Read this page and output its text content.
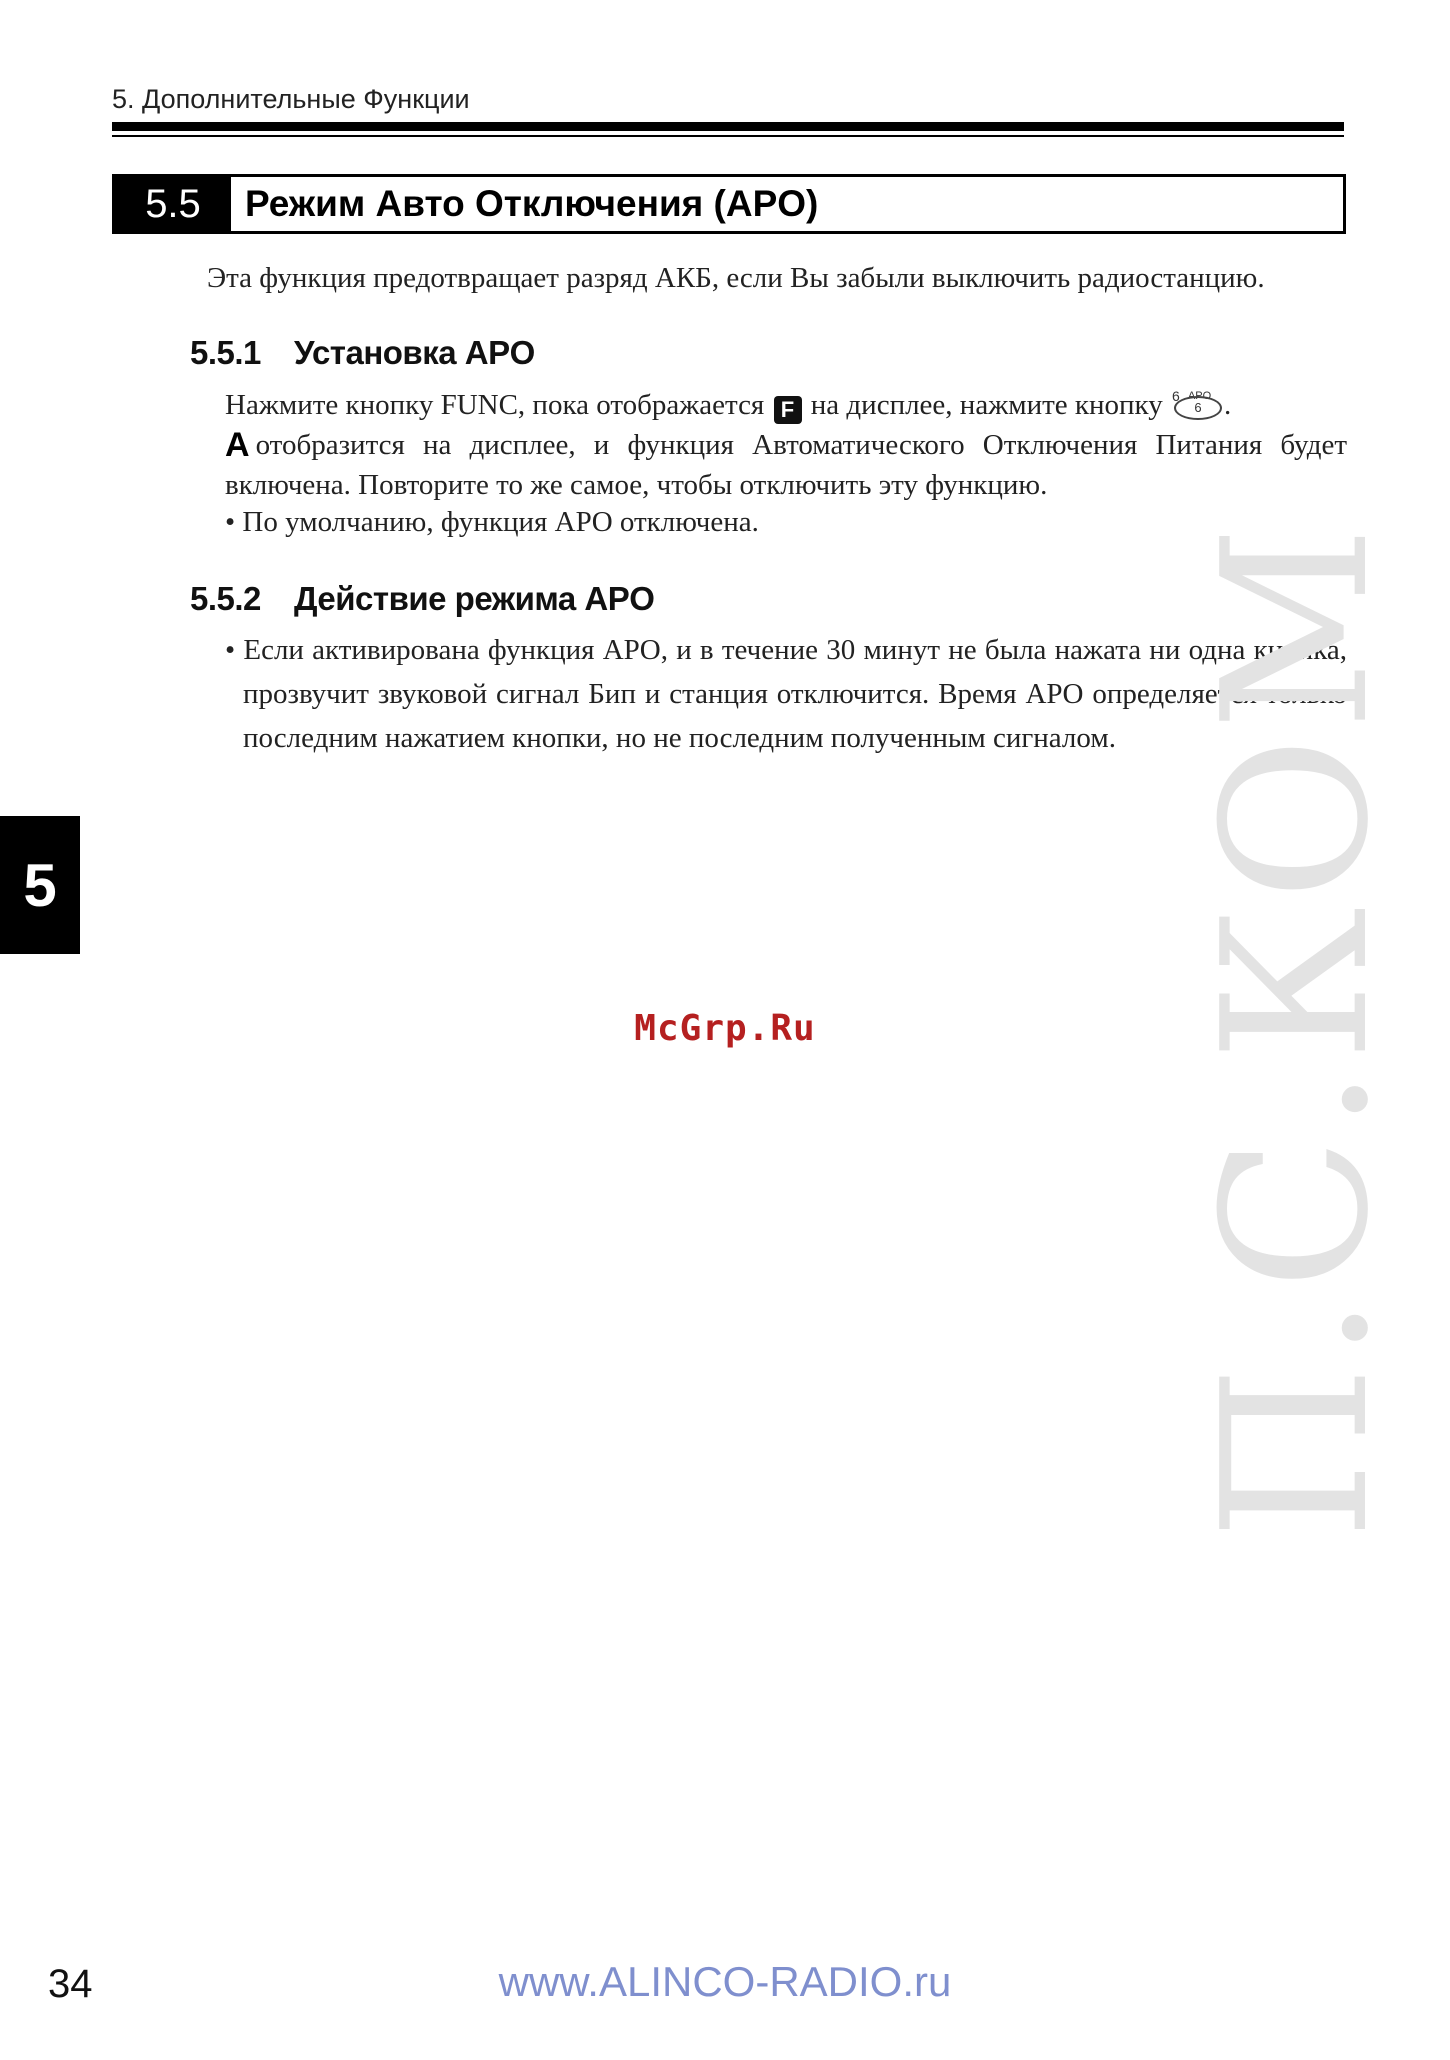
5. Дополнительные Функции
5.5	Режим Авто Отключения (APO)
Эта функция предотвращает разряд АКБ, если Вы забыли выключить радиостанцию.
5.5.1 Установка APO
Нажмите кнопку FUNC, пока отображается F на дисплее, нажмите кнопку 6 APO
6 .
A отобразится на дисплее, и функция Автоматического Отключения Питания будет включена. Повторите то же самое, чтобы отключить эту функцию.
• По умолчанию, функция APO отключена.
5.5.2 Действие режима APO
• Если активирована функция APO, и в течение 30 минут не была нажата ни одна кнопка, прозвучит звуковой сигнал Бип и станция отключится. Время APO определяется только последним нажатием кнопки, но не последним полученным сигналом.
5	П.С.КОМ
McGrp.Ru
34	www.ALINCO-RADIO.ru
